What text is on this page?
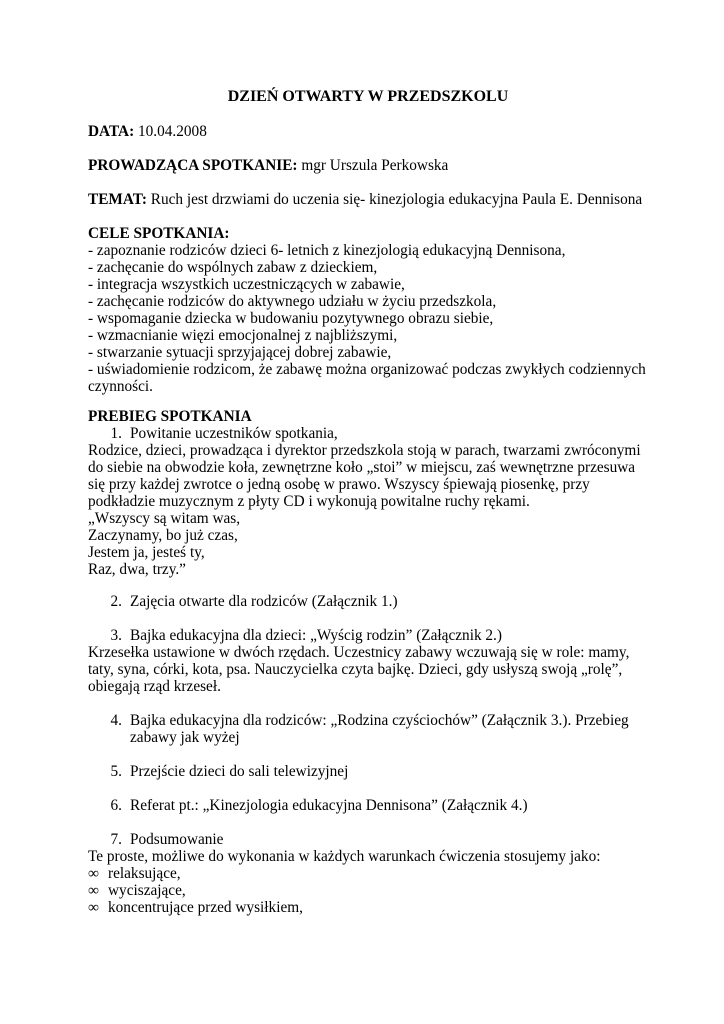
DZIEŃ OTWARTY W PRZEDSZKOLU

DATA: 10.04.2008

PROWADZĄCA SPOTKANIE: mgr Urszula Perkowska

TEMAT: Ruch jest drzwiami do uczenia się- kinezjologia edukacyjna Paula E. Dennisona

CELE SPOTKANIA:

- zapoznanie rodziców dzieci 6- letnich z kinezjologią edukacyjną Dennisona,

- zachęcanie do wspólnych zabaw z dzieckiem,

- integracja wszystkich uczestniczących w zabawie,

- zachęcanie rodziców do aktywnego udziału w życiu przedszkola,

- wspomaganie dziecka w budowaniu pozytywnego obrazu siebie,

- wzmacnianie więzi emocjonalnej z najbliższymi,

- stwarzanie sytuacji sprzyjającej dobrej zabawie,

- uświadomienie rodzicom, że zabawę można organizować podczas zwykłych codziennych czynności.

PREBIEG SPOTKANIA

1. Powitanie uczestników spotkania,

Rodzice, dzieci, prowadząca i dyrektor przedszkola stoją w parach, twarzami zwróconymi do siebie na obwodzie koła, zewnętrzne koło „stoi” w miejscu, zaś wewnętrzne przesuwa się przy każdej zwrotce o jedną osobę w prawo. Wszyscy śpiewają piosenkę, przy podkładzie muzycznym z płyty CD i wykonują powitalne ruchy rękami.

„Wszyscy są witam was,

Zaczynamy, bo już czas,

Jestem ja, jesteś ty,

Raz, dwa, trzy.”

2. Zajęcia otwarte dla rodziców (Załącznik 1.)

3. Bajka edukacyjna dla dzieci: „Wyścig rodzin” (Załącznik 2.)

Krzesełka ustawione w dwóch rzędach. Uczestnicy zabawy wczuwają się w role: mamy, taty, syna, córki, kota, psa. Nauczycielka czyta bajkę. Dzieci, gdy usłyszą swoją „rolę”, obiegają rząd krzeseł.

4. Bajka edukacyjna dla rodziców: „Rodzina czyściochów” (Załącznik 3.). Przebieg zabawy jak wyżej

5. Przejście dzieci do sali telewizyjnej

6. Referat pt.: „Kinezjologia edukacyjna Dennisona” (Załącznik 4.)

7. Podsumowanie

Te proste, możliwe do wykonania w każdych warunkach ćwiczenia stosujemy jako:

∞ relaksujące,

∞ wyciszające,

∞ koncentrujące przed wysiłkiem,
